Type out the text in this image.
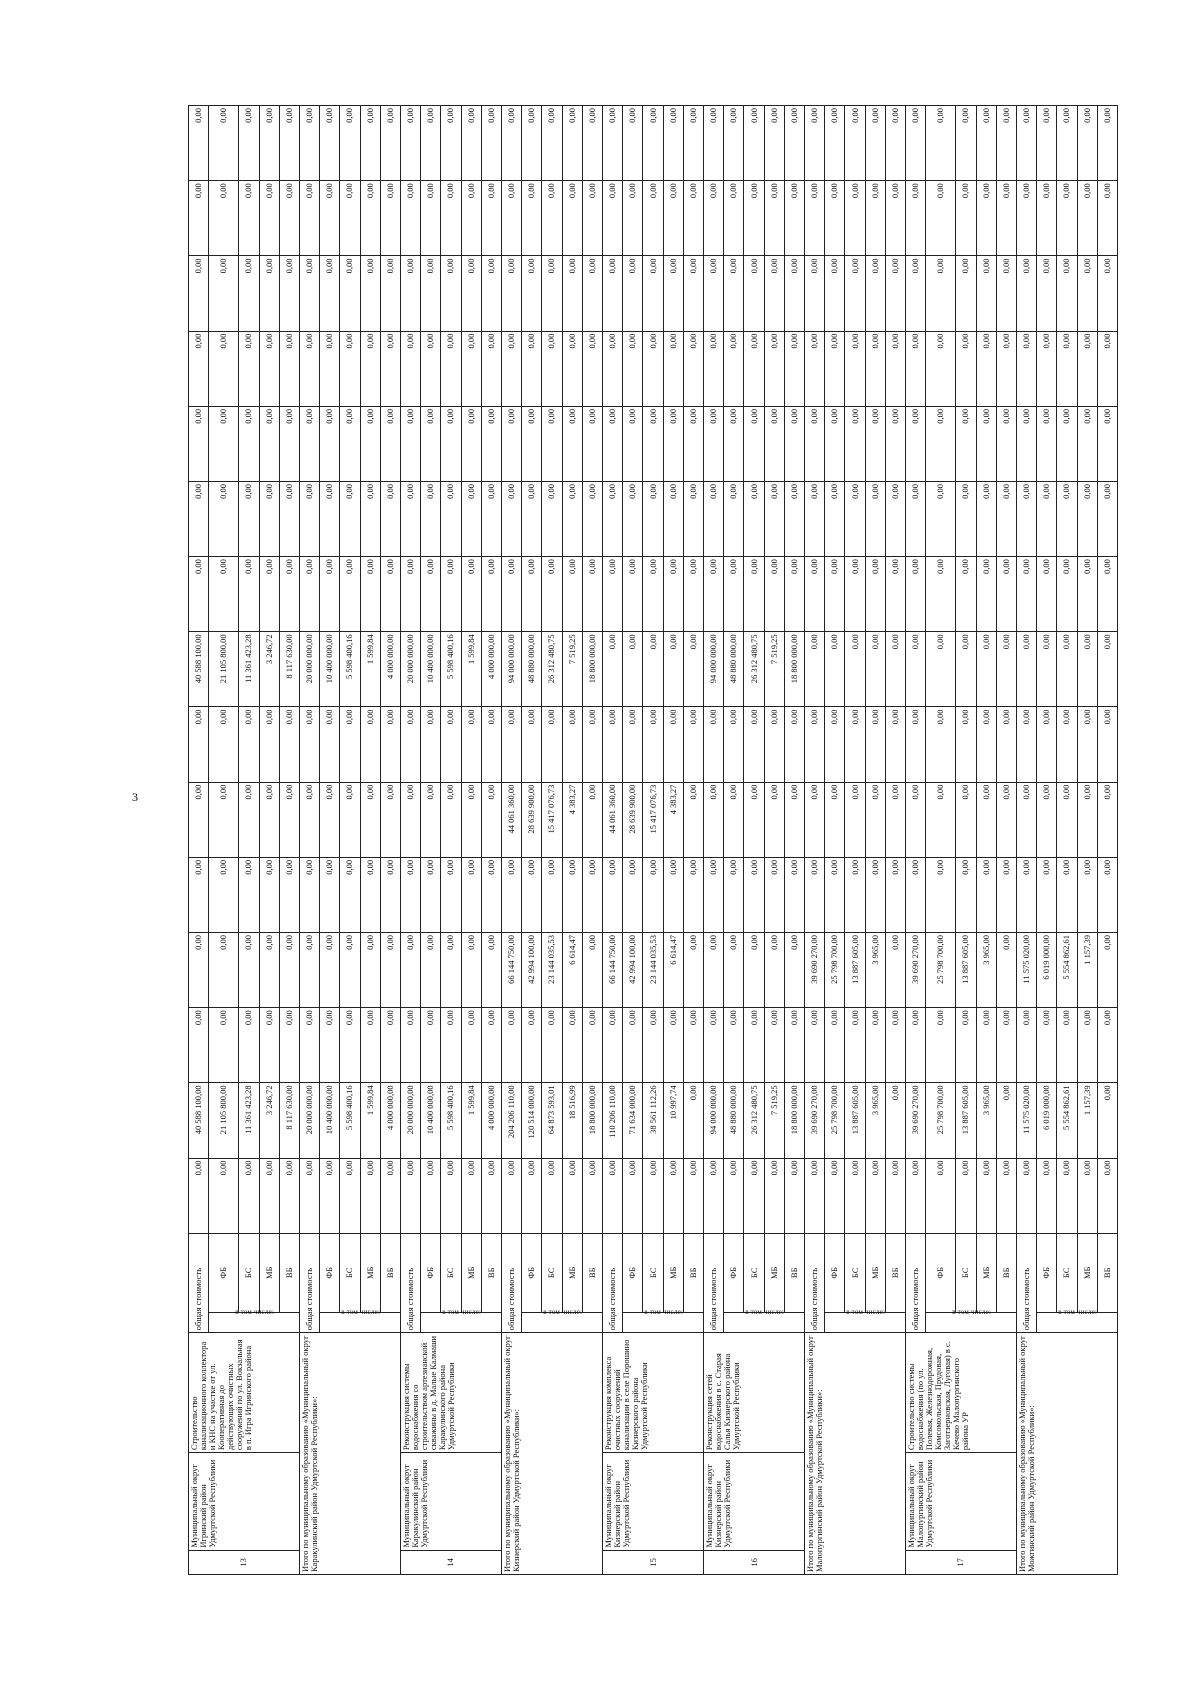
3
13	Муниципальный округ Игринский район Удмуртской Республики	Строительство канализационного коллектора и КНС на участке от ул. Кооперативная до действующих очистных сооружений по ул. Вокзальная в п. Игра Игринского района	общая стоимость		0,00	40 588 100,00	0,00	0,00	0,00	0,00	0,00	40 588 100,00	0,00	0,00	0,00	0,00	0,00	0,00	0,00
			в том числе:	ФБ	0,00	21 105 800,00	0,00	0,00	0,00	0,00	0,00	21 105 800,00	0,00	0,00	0,00	0,00	0,00	0,00	0,00
				БС	0,00	11 361 423,28	0,00	0,00	0,00	0,00	0,00	11 361 423,28	0,00	0,00	0,00	0,00	0,00	0,00	0,00
				МБ	0,00	3 246,72	0,00	0,00	0,00	0,00	0,00	3 246,72	0,00	0,00	0,00	0,00	0,00	0,00	0,00
				ВБ	0,00	8 117 630,00	0,00	0,00	0,00	0,00	0,00	8 117 630,00	0,00	0,00	0,00	0,00	0,00	0,00	0,00
Итого по муниципальному образованию «Муниципальный округ Каракулинский район Удмуртской Республики»:			общая стоимость		0,00	20 000 000,00	0,00	0,00	0,00	0,00	0,00	20 000 000,00	0,00	0,00	0,00	0,00	0,00	0,00	0,00
			в том числе:	ФБ	0,00	10 400 000,00	0,00	0,00	0,00	0,00	0,00	10 400 000,00	0,00	0,00	0,00	0,00	0,00	0,00	0,00
				БС	0,00	5 598 400,16	0,00	0,00	0,00	0,00	0,00	5 598 400,16	0,00	0,00	0,00	0,00	0,00	0,00	0,00
				МБ	0,00	1 599,84	0,00	0,00	0,00	0,00	0,00	1 599,84	0,00	0,00	0,00	0,00	0,00	0,00	0,00
				ВБ	0,00	4 000 000,00	0,00	0,00	0,00	0,00	0,00	4 000 000,00	0,00	0,00	0,00	0,00	0,00	0,00	0,00
14	Муниципальный округ Каракулинский район Удмуртской Республики	Реконструкция системы водоснабжения со строительством артезианской скважины в д. Малые Калмаши Каракулинского района Удмуртской Республики	общая стоимость		0,00	20 000 000,00	0,00	0,00	0,00	0,00	0,00	20 000 000,00	0,00	0,00	0,00	0,00	0,00	0,00	0,00
			в том числе:	ФБ	0,00	10 400 000,00	0,00	0,00	0,00	0,00	0,00	10 400 000,00	0,00	0,00	0,00	0,00	0,00	0,00	0,00
				БС	0,00	5 598 400,16	0,00	0,00	0,00	0,00	0,00	5 598 400,16	0,00	0,00	0,00	0,00	0,00	0,00	0,00
				МБ	0,00	1 599,84	0,00	0,00	0,00	0,00	0,00	1 599,84	0,00	0,00	0,00	0,00	0,00	0,00	0,00
				ВБ	0,00	4 000 000,00	0,00	0,00	0,00	0,00	0,00	4 000 000,00	0,00	0,00	0,00	0,00	0,00	0,00	0,00
Итого по муниципальному образованию «Муниципальный округ Кизнерский район Удмуртской Республики»:			общая стоимость		0,00	204 206 110,00	0,00	66 144 750,00	0,00	44 061 360,00	0,00	94 000 000,00	0,00	0,00	0,00	0,00	0,00	0,00	0,00
			в том числе:	ФБ	0,00	120 514 000,00	0,00	42 994 100,00	0,00	28 639 900,00	0,00	48 880 000,00	0,00	0,00	0,00	0,00	0,00	0,00	0,00
				БС	0,00	64 873 593,01	0,00	23 144 035,53	0,00	15 417 076,73	0,00	26 312 480,75	0,00	0,00	0,00	0,00	0,00	0,00	0,00
				МБ	0,00	18 516,99	0,00	6 614,47	0,00	4 383,27	0,00	7 519,25	0,00	0,00	0,00	0,00	0,00	0,00	0,00
				ВБ	0,00	18 800 000,00	0,00	0,00	0,00	0,00	0,00	18 800 000,00	0,00	0,00	0,00	0,00	0,00	0,00	0,00
15	Муниципальный округ Кизнерский район Удмуртской Республики	Реконструкция комплекса очистных сооружений канализации в селе Порошино Кизнерского района Удмуртской Республики	общая стоимость		0,00	110 206 110,00	0,00	66 144 750,00	0,00	44 061 360,00	0,00	0,00	0,00	0,00	0,00	0,00	0,00	0,00	0,00
			в том числе:	ФБ	0,00	71 634 000,00	0,00	42 994 100,00	0,00	28 639 900,00	0,00	0,00	0,00	0,00	0,00	0,00	0,00	0,00	0,00
				БС	0,00	38 561 112,26	0,00	23 144 035,53	0,00	15 417 076,73	0,00	0,00	0,00	0,00	0,00	0,00	0,00	0,00	0,00
				МБ	0,00	10 997,74	0,00	6 614,47	0,00	4 383,27	0,00	0,00	0,00	0,00	0,00	0,00	0,00	0,00	0,00
				ВБ	0,00	0,00	0,00	0,00	0,00	0,00	0,00	0,00	0,00	0,00	0,00	0,00	0,00	0,00	0,00
16	Муниципальный округ Кизнерский район Удмуртской Республики	Реконструкция сетей водоснабжения в с. Старая Салья Кизнерского района Удмуртской Республики	общая стоимость		0,00	94 000 000,00	0,00	0,00	0,00	0,00	0,00	94 000 000,00	0,00	0,00	0,00	0,00	0,00	0,00	0,00
			в том числе:	ФБ	0,00	48 880 000,00	0,00	0,00	0,00	0,00	0,00	48 880 000,00	0,00	0,00	0,00	0,00	0,00	0,00	0,00
				БС	0,00	26 312 480,75	0,00	0,00	0,00	0,00	0,00	26 312 480,75	0,00	0,00	0,00	0,00	0,00	0,00	0,00
				МБ	0,00	7 519,25	0,00	0,00	0,00	0,00	0,00	7 519,25	0,00	0,00	0,00	0,00	0,00	0,00	0,00
				ВБ	0,00	18 800 000,00	0,00	0,00	0,00	0,00	0,00	18 800 000,00	0,00	0,00	0,00	0,00	0,00	0,00	0,00
Итого по муниципальному образованию «Муниципальный округ Малопургинский район Удмуртской Республики»:			общая стоимость		0,00	39 690 270,00	0,00	39 690 270,00	0,00	0,00	0,00	0,00	0,00	0,00	0,00	0,00	0,00	0,00	0,00
			в том числе:	ФБ	0,00	25 798 700,00	0,00	25 798 700,00	0,00	0,00	0,00	0,00	0,00	0,00	0,00	0,00	0,00	0,00	0,00
				БС	0,00	13 887 605,00	0,00	13 887 605,00	0,00	0,00	0,00	0,00	0,00	0,00	0,00	0,00	0,00	0,00	0,00
				МБ	0,00	3 965,00	0,00	3 965,00	0,00	0,00	0,00	0,00	0,00	0,00	0,00	0,00	0,00	0,00	0,00
				ВБ	0,00	0,00	0,00	0,00	0,00	0,00	0,00	0,00	0,00	0,00	0,00	0,00	0,00	0,00	0,00
17	Муниципальный округ Малопургинский район Удмуртской Республики	Строительство системы водоснабжения (по ул. Полевая, Железнодорожная, Комсомольская, Прудовая, Заготзерновская, Луговая) в с. Кечево Малопургинского района УР	общая стоимость		0,00	39 690 270,00	0,00	39 690 270,00	0,00	0,00	0,00	0,00	0,00	0,00	0,00	0,00	0,00	0,00	0,00
			в том числе:	ФБ	0,00	25 798 700,00	0,00	25 798 700,00	0,00	0,00	0,00	0,00	0,00	0,00	0,00	0,00	0,00	0,00	0,00
				БС	0,00	13 887 605,00	0,00	13 887 605,00	0,00	0,00	0,00	0,00	0,00	0,00	0,00	0,00	0,00	0,00	0,00
				МБ	0,00	3 965,00	0,00	3 965,00	0,00	0,00	0,00	0,00	0,00	0,00	0,00	0,00	0,00	0,00	0,00
				ВБ	0,00	0,00	0,00	0,00	0,00	0,00	0,00	0,00	0,00	0,00	0,00	0,00	0,00	0,00	0,00
Итого по муниципальному образованию «Муниципальный округ Можгинский район Удмуртской Республики»:			общая стоимость		0,00	11 575 020,00	0,00	11 575 020,00	0,00	0,00	0,00	0,00	0,00	0,00	0,00	0,00	0,00	0,00	0,00
			в том числе:	ФБ	0,00	6 019 000,00	0,00	6 019 000,00	0,00	0,00	0,00	0,00	0,00	0,00	0,00	0,00	0,00	0,00	0,00
				БС	0,00	5 554 862,61	0,00	5 554 862,61	0,00	0,00	0,00	0,00	0,00	0,00	0,00	0,00	0,00	0,00	0,00
				МБ	0,00	1 157,39	0,00	1 157,39	0,00	0,00	0,00	0,00	0,00	0,00	0,00	0,00	0,00	0,00	0,00
				ВБ	0,00	0,00	0,00	0,00	0,00	0,00	0,00	0,00	0,00	0,00	0,00	0,00	0,00	0,00	0,00
